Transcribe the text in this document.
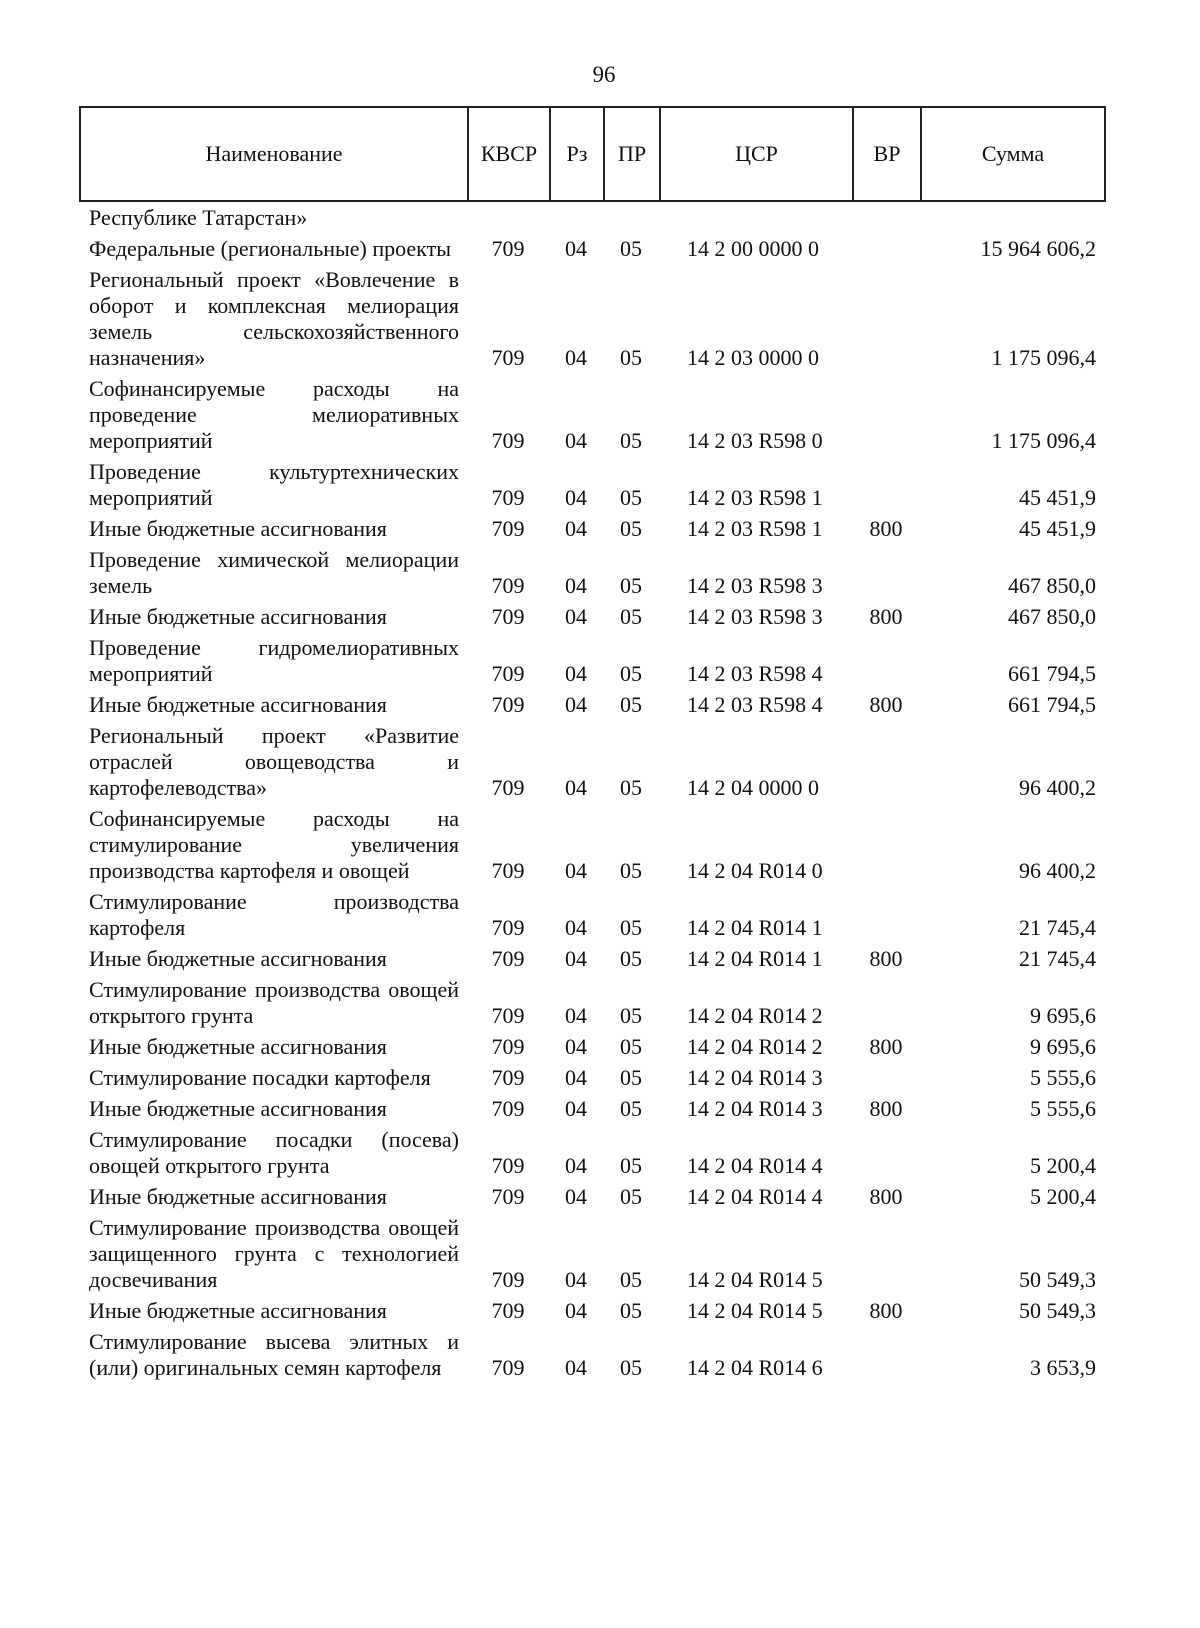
96
Наименование	КВСР	Рз	ПР	ЦСР	ВР	Сумма
Республике Татарстан»						

Федеральные (региональные) проекты	709	04	05	14 2 00 0000 0		15 964 606,2

Региональный проект «Вовлечение в оборот и комплексная мелиорация земель сельскохозяйственного назначения»	709	04	05	14 2 03 0000 0		1 175 096,4

Софинансируемые расходы на проведение мелиоративных мероприятий	709	04	05	14 2 03 R598 0		1 175 096,4

Проведение культуртехнических мероприятий	709	04	05	14 2 03 R598 1		45 451,9

Иные бюджетные ассигнования	709	04	05	14 2 03 R598 1	800	45 451,9

Проведение химической мелиорации земель	709	04	05	14 2 03 R598 3		467 850,0

Иные бюджетные ассигнования	709	04	05	14 2 03 R598 3	800	467 850,0

Проведение гидромелиоративных мероприятий	709	04	05	14 2 03 R598 4		661 794,5

Иные бюджетные ассигнования	709	04	05	14 2 03 R598 4	800	661 794,5

Региональный проект «Развитие отраслей овощеводства и картофелеводства»	709	04	05	14 2 04 0000 0		96 400,2

Софинансируемые расходы на стимулирование увеличения производства картофеля и овощей	709	04	05	14 2 04 R014 0		96 400,2

Стимулирование производства картофеля	709	04	05	14 2 04 R014 1		21 745,4

Иные бюджетные ассигнования	709	04	05	14 2 04 R014 1	800	21 745,4

Стимулирование производства овощей открытого грунта	709	04	05	14 2 04 R014 2		9 695,6

Иные бюджетные ассигнования	709	04	05	14 2 04 R014 2	800	9 695,6

Стимулирование посадки картофеля	709	04	05	14 2 04 R014 3		5 555,6

Иные бюджетные ассигнования	709	04	05	14 2 04 R014 3	800	5 555,6

Стимулирование посадки (посева) овощей открытого грунта	709	04	05	14 2 04 R014 4		5 200,4

Иные бюджетные ассигнования	709	04	05	14 2 04 R014 4	800	5 200,4

Стимулирование производства овощей защищенного грунта с технологией досвечивания	709	04	05	14 2 04 R014 5		50 549,3

Иные бюджетные ассигнования	709	04	05	14 2 04 R014 5	800	50 549,3

Стимулирование высева элитных и (или) оригинальных семян картофеля	709	04	05	14 2 04 R014 6		3 653,9
